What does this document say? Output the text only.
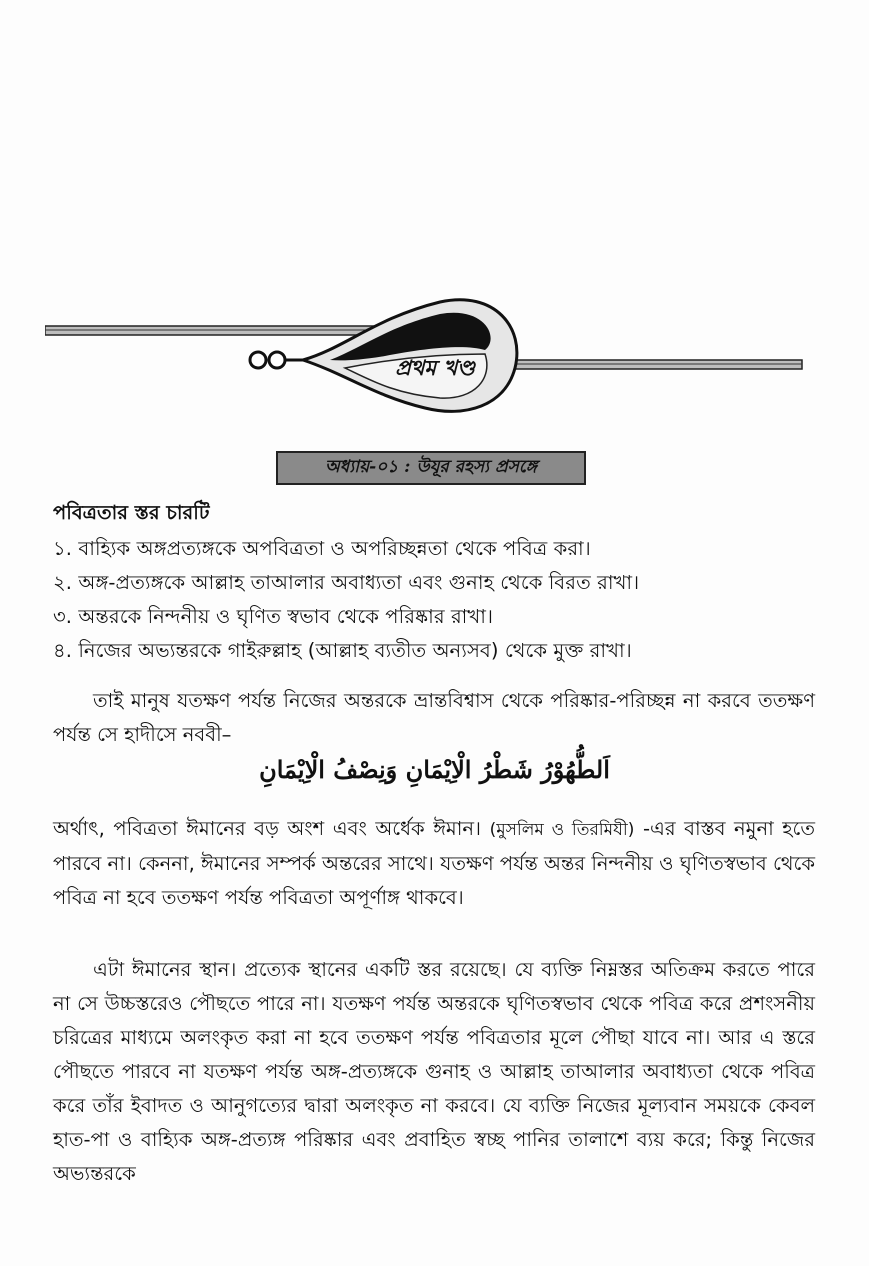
প্রথম খণ্ড
অধ্যায়-০১ : উযূর রহস্য প্রসঙ্গে
পবিত্রতার স্তর চারটি
১. বাহ্যিক অঙ্গপ্রত্যঙ্গকে অপবিত্রতা ও অপরিচ্ছন্নতা থেকে পবিত্র করা।
২. অঙ্গ-প্রত্যঙ্গকে আল্লাহ তাআলার অবাধ্যতা এবং গুনাহ থেকে বিরত রাখা।
৩. অন্তরকে নিন্দনীয় ও ঘৃণিত স্বভাব থেকে পরিষ্কার রাখা।
৪. নিজের অভ্যন্তরকে গাইরুল্লাহ (আল্লাহ ব্যতীত অন্যসব) থেকে মুক্ত রাখা।
তাই মানুষ যতক্ষণ পর্যন্ত নিজের অন্তরকে ভ্রান্তবিশ্বাস থেকে পরিষ্কার-পরিচ্ছন্ন না করবে ততক্ষণ পর্যন্ত সে হাদীসে নববী–
اَلطُّهُوْرُ شَطْرُ الْاِيْمَانِ وَنِصْفُ الْاِيْمَانِ
অর্থাৎ, পবিত্রতা ঈমানের বড় অংশ এবং অর্ধেক ঈমান। (মুসলিম ও তিরমিযী) -এর বাস্তব নমুনা হতে পারবে না। কেননা, ঈমানের সম্পর্ক অন্তরের সাথে। যতক্ষণ পর্যন্ত অন্তর নিন্দনীয় ও ঘৃণিতস্বভাব থেকে পবিত্র না হবে ততক্ষণ পর্যন্ত পবিত্রতা অপূর্ণাঙ্গ থাকবে।
এটা ঈমানের স্থান। প্রত্যেক স্থানের একটি স্তর রয়েছে। যে ব্যক্তি নিম্নস্তর অতিক্রম করতে পারে না সে উচ্চস্তরেও পৌছতে পারে না। যতক্ষণ পর্যন্ত অন্তরকে ঘৃণিতস্বভাব থেকে পবিত্র করে প্রশংসনীয় চরিত্রের মাধ্যমে অলংকৃত করা না হবে ততক্ষণ পর্যন্ত পবিত্রতার মূলে পৌছা যাবে না। আর এ স্তরে পৌছতে পারবে না যতক্ষণ পর্যন্ত অঙ্গ-প্রত্যঙ্গকে গুনাহ ও আল্লাহ তাআলার অবাধ্যতা থেকে পবিত্র করে তাঁর ইবাদত ও আনুগত্যের দ্বারা অলংকৃত না করবে। যে ব্যক্তি নিজের মূল্যবান সময়কে কেবল হাত-পা ও বাহ্যিক অঙ্গ-প্রত্যঙ্গ পরিষ্কার এবং প্রবাহিত স্বচ্ছ পানির তালাশে ব্যয় করে; কিন্তু নিজের অভ্যন্তরকে
